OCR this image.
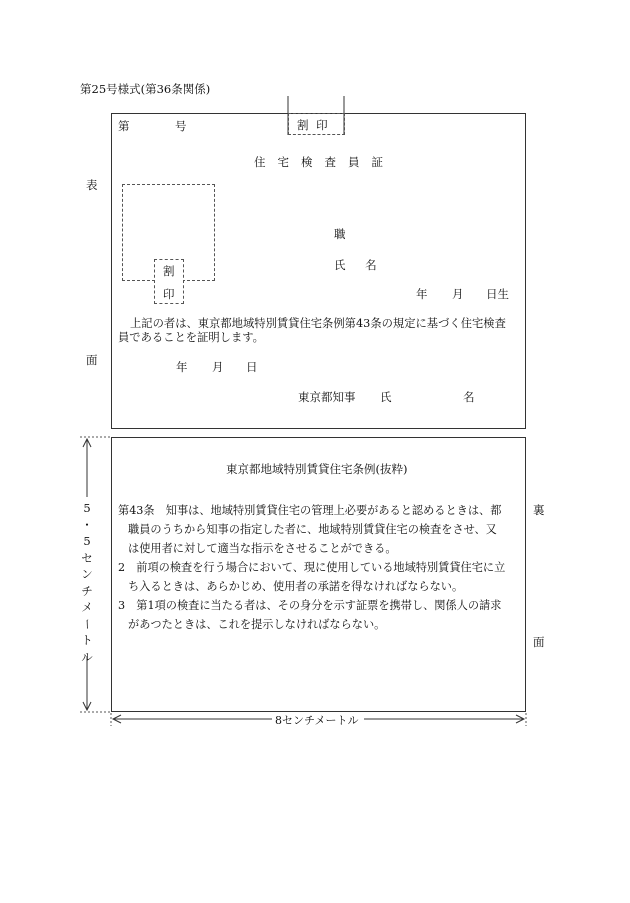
第25号様式(第36条関係)
表
面
第	号	割 印
住宅検査員証
割
印
職
氏 名
年 月 日生
上記の者は、東京都地域特別賃貸住宅条例第43条の規定に基づく住宅検査
員であることを証明します。
年 月 日
東京都知事 氏	名
裏
面
東京都地域特別賃貸住宅条例(抜粋)
第43条　知事は、地域特別賃貸住宅の管理上必要があると認めるときは、都
職員のうちから知事の指定した者に、地域特別賃貸住宅の検査をさせ、又
は使用者に対して適当な指示をさせることができる。
2　前項の検査を行う場合において、現に使用している地域特別賃貸住宅に立
ち入るときは、あらかじめ、使用者の承諾を得なければならない。
3　第1項の検査に当たる者は、その身分を示す証票を携帯し、関係人の請求
があつたときは、これを提示しなければならない。
5
・
5
セ
ン
チ
メ
ー
ト
ル
8センチメートル
